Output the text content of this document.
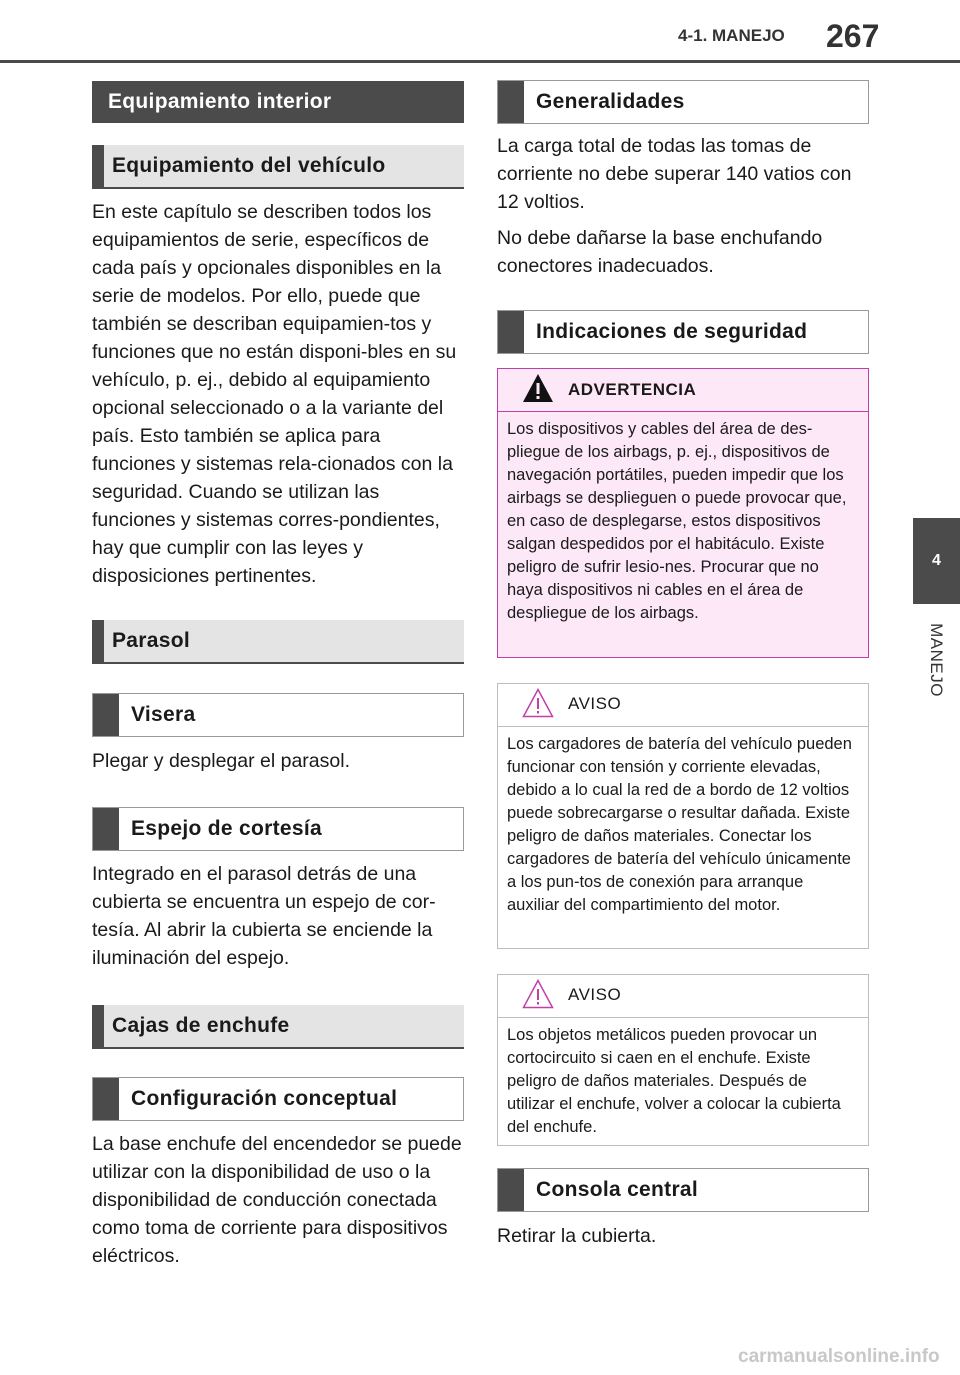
4-1. MANEJO 267
4
MANEJO
Equipamiento interior
Equipamiento del vehículo

En este capítulo se describen todos los equipamientos de serie, específicos de cada país y opcionales disponibles en la serie de modelos. Por ello, puede que también se describan equipamien-tos y funciones que no están disponi-bles en su vehículo, p. ej., debido al equipamiento opcional seleccionado o a la variante del país. Esto también se aplica para funciones y sistemas rela-cionados con la seguridad. Cuando se utilizan las funciones y sistemas corres-pondientes, hay que cumplir con las leyes y disposiciones pertinentes.

Parasol
Visera

Plegar y desplegar el parasol.

Espejo de cortesía

Integrado en el parasol detrás de una cubierta se encuentra un espejo de cor-tesía. Al abrir la cubierta se enciende la iluminación del espejo.

Cajas de enchufe
Configuración conceptual

La base enchufe del encendedor se puede utilizar con la disponibilidad de uso o la disponibilidad de conducción conectada como toma de corriente para dispositivos eléctricos.

Generalidades

La carga total de todas las tomas de corriente no debe superar 140 vatios con 12 voltios.

No debe dañarse la base enchufando conectores inadecuados.

Indicaciones de seguridad
ADVERTENCIA
Los dispositivos y cables del área de des-pliegue de los airbags, p. ej., dispositivos de navegación portátiles, pueden impedir que los airbags se desplieguen o puede provocar que, en caso de desplegarse, estos dispositivos salgan despedidos por el habitáculo. Existe peligro de sufrir lesio-nes. Procurar que no haya dispositivos ni cables en el área de despliegue de los airbags.
AVISO
Los cargadores de batería del vehículo pueden funcionar con tensión y corriente elevadas, debido a lo cual la red de a bordo de 12 voltios puede sobrecargarse o resultar dañada. Existe peligro de daños materiales. Conectar los cargadores de batería del vehículo únicamente a los pun-tos de conexión para arranque auxiliar del compartimiento del motor.
AVISO
Los objetos metálicos pueden provocar un cortocircuito si caen en el enchufe. Existe peligro de daños materiales. Después de utilizar el enchufe, volver a colocar la cubierta del enchufe.
Consola central

Retirar la cubierta.

carmanualsonline.info
